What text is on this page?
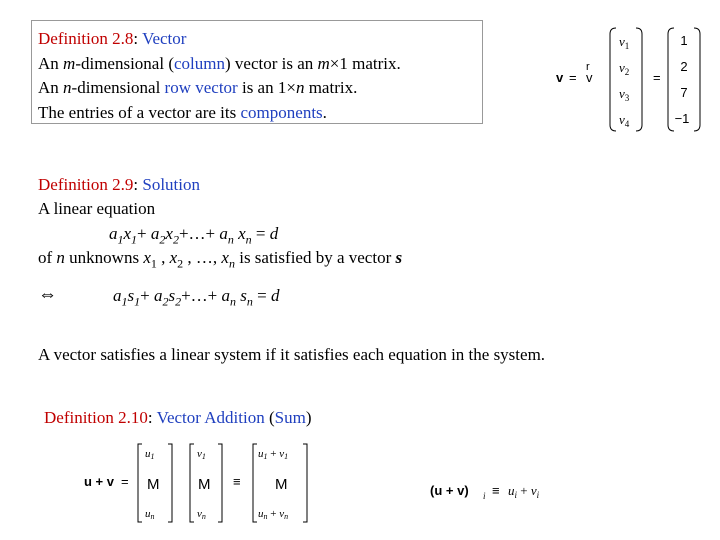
Definition 2.8: Vector
An m-dimensional (column) vector is an m×1 matrix.
An n-dimensional row vector is an 1×n matrix.
The entries of a vector are its components.
v =
r
v
$v_1$
$v_2$
$v_3$
$v_4$
=
1
2
7
−1
Definition 2.9: Solution
A linear equation
$a_1x_1+$ $a_2x_2+\dots+ a_n$ $x_n = d$
of n unknowns $x_1$ , $x_2$ , …, $x_n$ is satisfied by a vector s
⇔	$a_1s_1+$ $a_2s_2+\dots+ a_n$ $s_n = d$
A vector satisfies a linear system if it satisfies each equation in the system.
Definition 2.10: Vector Addition (Sum)
u + v =
u1
un
M
v1
vn
M ≡
u1 + v1
un + vn
M	(u + v) $i \equiv u_i + v_i$
